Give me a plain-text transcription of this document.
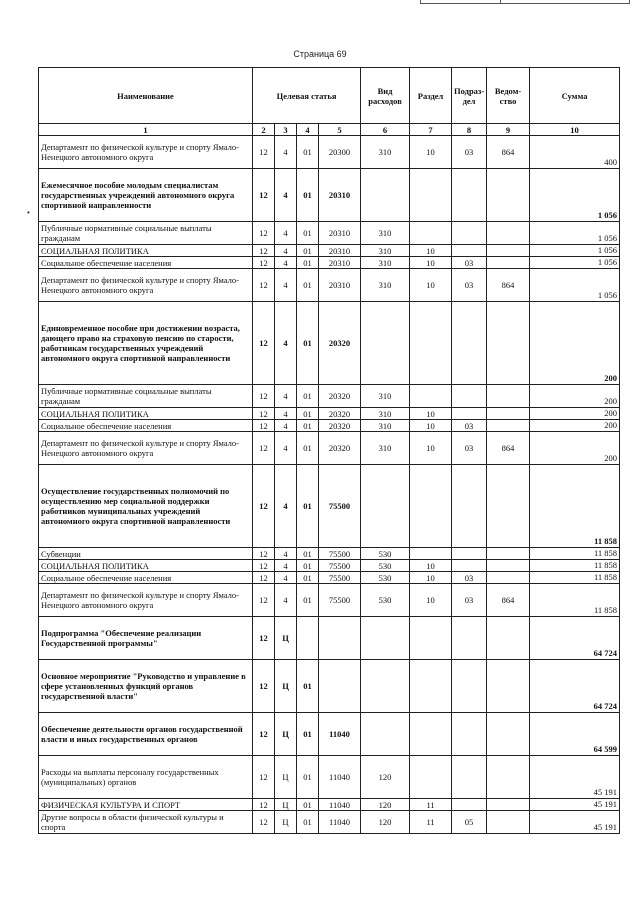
Страница 69
•
Наименование	Целевая статья				Вид расходов	Раздел	Подраз-дел	Ведом-ство	Сумма
1	2	3	4	5	6	7	8	9	10
Департамент по физической культуре и спорту Ямало-Ненецкого автономного округа	12	4	01	20300	310	10	03	864	400
Ежемесячное пособие молодым специалистам государственных учреждений автономного округа спортивной направленности	12	4	01	20310					1 056
Публичные нормативные социальные выплаты гражданам	12	4	01	20310	310				1 056
СОЦИАЛЬНАЯ ПОЛИТИКА	12	4	01	20310	310	10			1 056
Социальное обеспечение населения	12	4	01	20310	310	10	03		1 056
Департамент по физической культуре и спорту Ямало-Ненецкого автономного округа	12	4	01	20310	310	10	03	864	1 056
Единовременное пособие при достижении возраста, дающего право на страховую пенсию по старости, работникам государственных учреждений автономного округа спортивной направленности	12	4	01	20320					200
Публичные нормативные социальные выплаты гражданам	12	4	01	20320	310				200
СОЦИАЛЬНАЯ ПОЛИТИКА	12	4	01	20320	310	10			200
Социальное обеспечение населения	12	4	01	20320	310	10	03		200
Департамент по физической культуре и спорту Ямало-Ненецкого автономного округа	12	4	01	20320	310	10	03	864	200
Осуществление государственных полномочий по осуществлению мер социальной поддержки работников муниципальных учреждений автономного округа спортивной направленности	12	4	01	75500					11 858
Субвенции	12	4	01	75500	530				11 858
СОЦИАЛЬНАЯ ПОЛИТИКА	12	4	01	75500	530	10			11 858
Социальное обеспечение населения	12	4	01	75500	530	10	03		11 858
Департамент по физической культуре и спорту Ямало-Ненецкого автономного округа	12	4	01	75500	530	10	03	864	11 858
Подпрограмма "Обеспечение реализации Государственной программы"	12	Ц							64 724
Основное мероприятие "Руководство и управление в сфере установленных функций органов государственной власти"	12	Ц	01						64 724
Обеспечение деятельности органов государственной власти и иных государственных органов	12	Ц	01	11040					64 599
Расходы на выплаты персоналу государственных (муниципальных) органов	12	Ц	01	11040	120				45 191
ФИЗИЧЕСКАЯ КУЛЬТУРА И СПОРТ	12	Ц	01	11040	120	11			45 191
Другие вопросы в области физической культуры и спорта	12	Ц	01	11040	120	11	05		45 191
